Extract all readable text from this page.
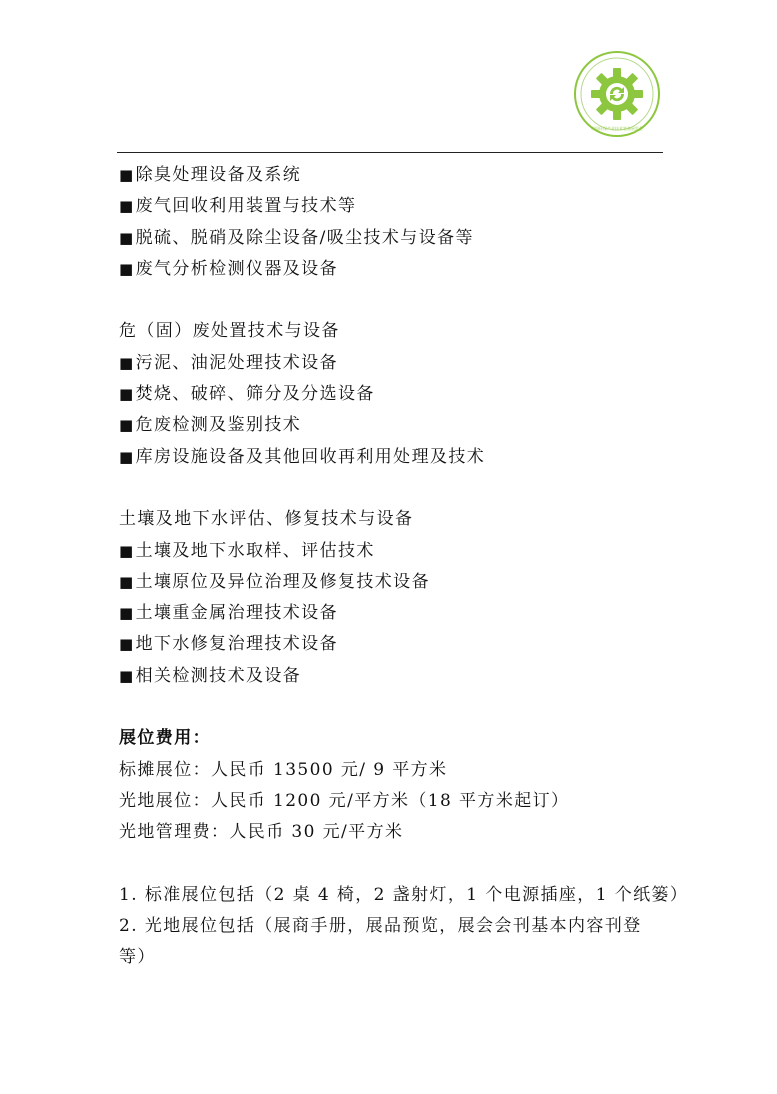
中国环保产业技术装备展览会
■除臭处理设备及系统
■废气回收利用装置与技术等
■脱硫、脱硝及除尘设备/吸尘技术与设备等
■废气分析检测仪器及设备
危（固）废处置技术与设备
■污泥、油泥处理技术设备
■焚烧、破碎、筛分及分选设备
■危废检测及鉴别技术
■库房设施设备及其他回收再利用处理及技术
土壤及地下水评估、修复技术与设备
■土壤及地下水取样、评估技术
■土壤原位及异位治理及修复技术设备
■土壤重金属治理技术设备
■地下水修复治理技术设备
■相关检测技术及设备
展位费用：
标摊展位：人民币 13500 元/ 9 平方米
光地展位：人民币 1200 元/平方米（18 平方米起订）
光地管理费：人民币 30 元/平方米
1. 标准展位包括（2 桌 4 椅，2 盏射灯，1 个电源插座，1 个纸篓）
2. 光地展位包括（展商手册，展品预览，展会会刊基本内容刊登等）
